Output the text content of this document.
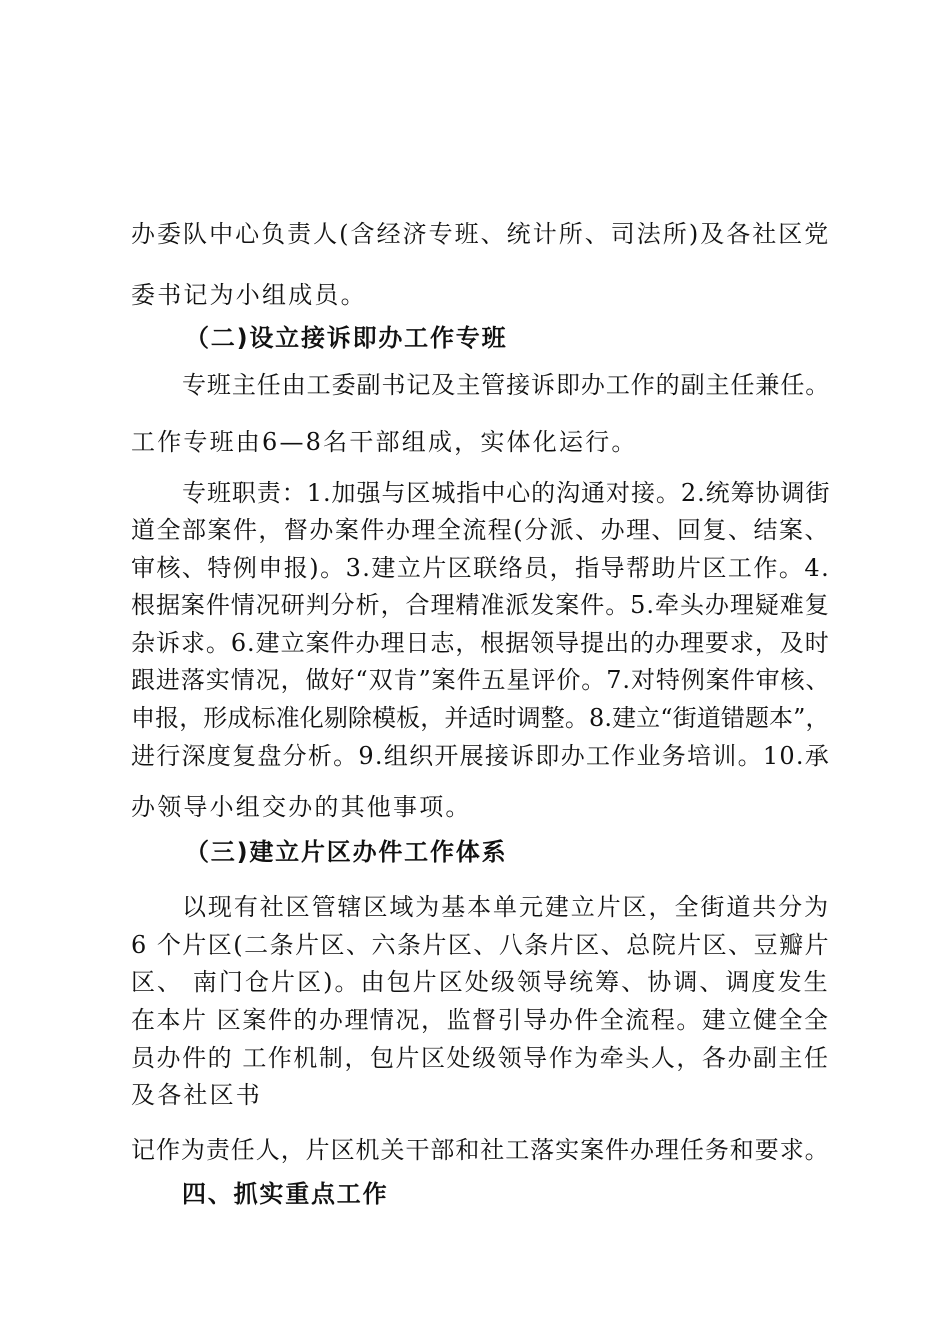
办委队中心负责人(含经济专班、统计所、司法所)及各社区党
委书记为小组成员。
（二)设立接诉即办工作专班
专班主任由工委副书记及主管接诉即办工作的副主任兼任。
工作专班由6—8名干部组成，实体化运行。
专班职责：1.加强与区城指中心的沟通对接。2.统筹协调街
道全部案件，督办案件办理全流程(分派、办理、回复、结案、
审核、特例申报)。3.建立片区联络员，指导帮助片区工作。4.
根据案件情况研判分析，合理精准派发案件。5.牵头办理疑难复
杂诉求。6.建立案件办理日志，根据领导提出的办理要求，及时
跟进落实情况，做好“双肯”案件五星评价。7.对特例案件审核、
申报，形成标准化剔除模板，并适时调整。8.建立“街道错题本”，
进行深度复盘分析。9.组织开展接诉即办工作业务培训。10.承
办领导小组交办的其他事项。
（三)建立片区办件工作体系
以现有社区管辖区域为基本单元建立片区，全街道共分为
6 个片区(二条片区、六条片区、八条片区、总院片区、豆瓣片
区、 南门仓片区)。由包片区处级领导统筹、协调、调度发生
在本片 区案件的办理情况，监督引导办件全流程。建立健全全
员办件的 工作机制，包片区处级领导作为牵头人，各办副主任
及各社区书
记作为责任人，片区机关干部和社工落实案件办理任务和要求。
四、抓实重点工作
